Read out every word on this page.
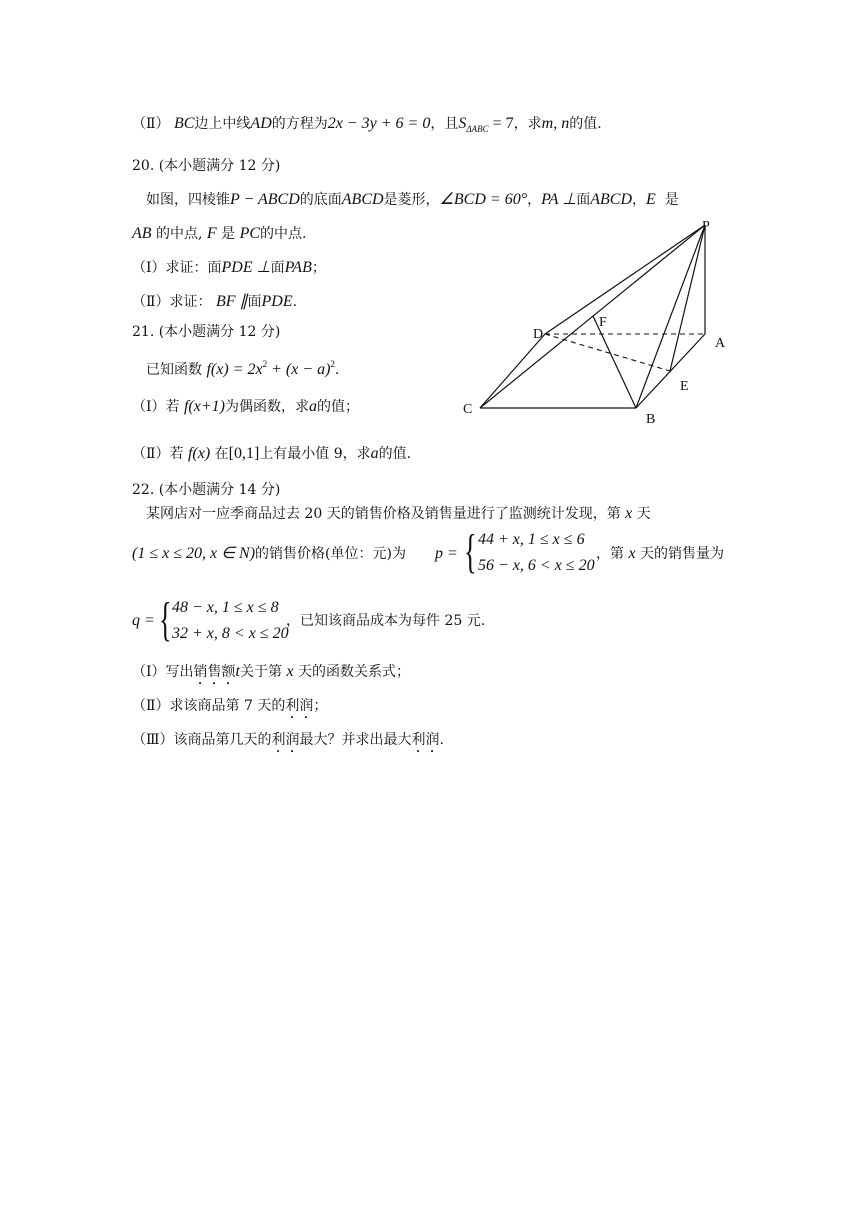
（Ⅱ） BC边上中线AD的方程为2x − 3y + 6 = 0，且$S_{\Delta ABC} = 7$，求m, n的值.
20. (本小题满分 12 分)
如图，四棱锥P − ABCD的底面ABCD是菱形，∠BCD = 60°，PA ⊥面ABCD，E 是
AB 的中点, F 是 PC的中点.
（Ⅰ）求证：面PDE ⊥面PAB；
（Ⅱ）求证： BF ∥面PDE.
21. (本小题满分 12 分)
已知函数 $f(x) = 2x^2 + (x - a)^2$.
（Ⅰ）若 f(x+1)为偶函数，求a的值；
（Ⅱ）若 f(x) 在[0,1]上有最小值 9，求a的值.
22. (本小题满分 14 分)
某网店对一应季商品过去 20 天的销售价格及销售量进行了监测统计发现，第 x 天
(1 ≤ x ≤ 20, x ∈ N)的销售价格(单位：元)为 p = { 44 + x, 1 ≤ x ≤ 6
56 − x, 6 < x ≤ 20
，第 x 天的销售量为
q = { 48 − x, 1 ≤ x ≤ 8
32 + x, 8 < x ≤ 20
，已知该商品成本为每件 25 元.
（Ⅰ）写出销售额t关于第 x 天的函数关系式；
（Ⅱ）求该商品第 7 天的利润；
（Ⅲ）该商品第几天的利润最大？并求出最大利润.
P
D
F
A
E
C
B
